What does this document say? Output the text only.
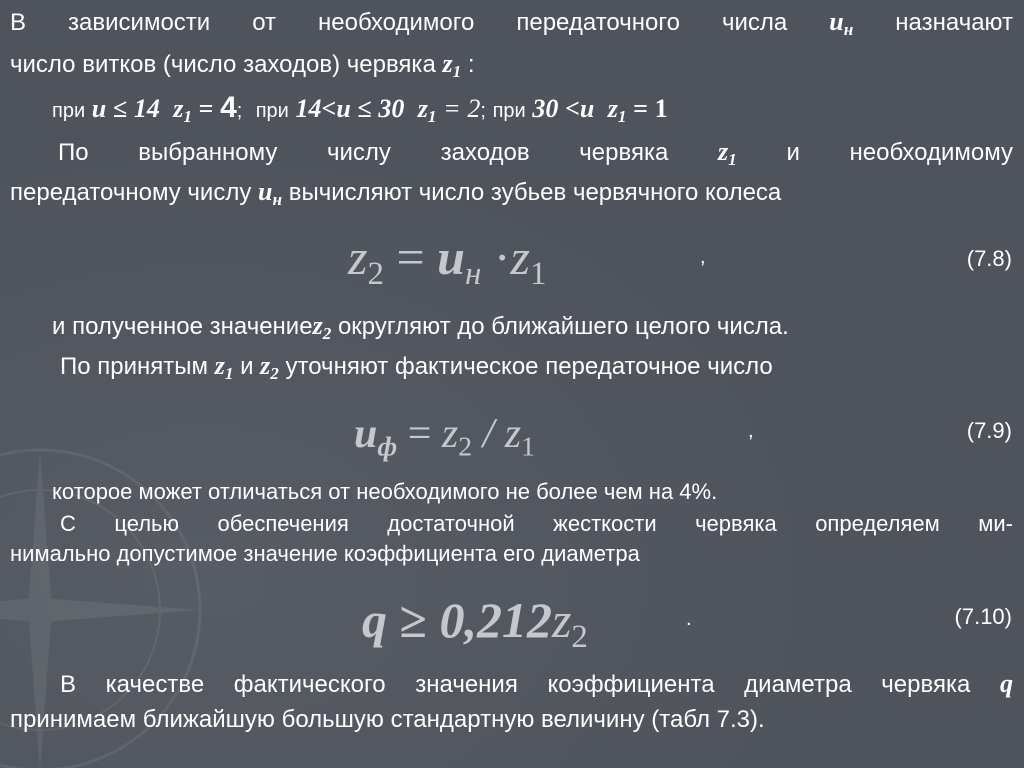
В зависимости от необходимого передаточного числа $u_н$ назначают
число витков (число заходов) червяка $z_1$ :
при u ≤ 14 $z_1 = 4$; при 14<u ≤ 30 $z_1 = 2$; при 30 <u $z_1 = 1$
По выбранному числу заходов червяка $z_1$ и необходимому
передаточному числу $u_н$ вычисляют число зубьев червячного колеса
$z_2 = u_н \cdot z_1$	,	(7.8)
и полученное значениеz$_2$ округляют до ближайшего целого числа.
По принятым $z_1$ и $z_2$ уточняют фактическое передаточное число
$u_ф = z_2 / z_1$	,	(7.9)
которое может отличаться от необходимого не более чем на 4%.
С целью обеспечения достаточной жесткости червяка определяем ми-
нимально допустимое значение коэффициента его диаметра
$q \ge 0,212z_2$	.	(7.10)
В качестве фактического значения коэффициента диаметра червяка q
принимаем ближайшую большую стандартную величину (табл 7.3).
